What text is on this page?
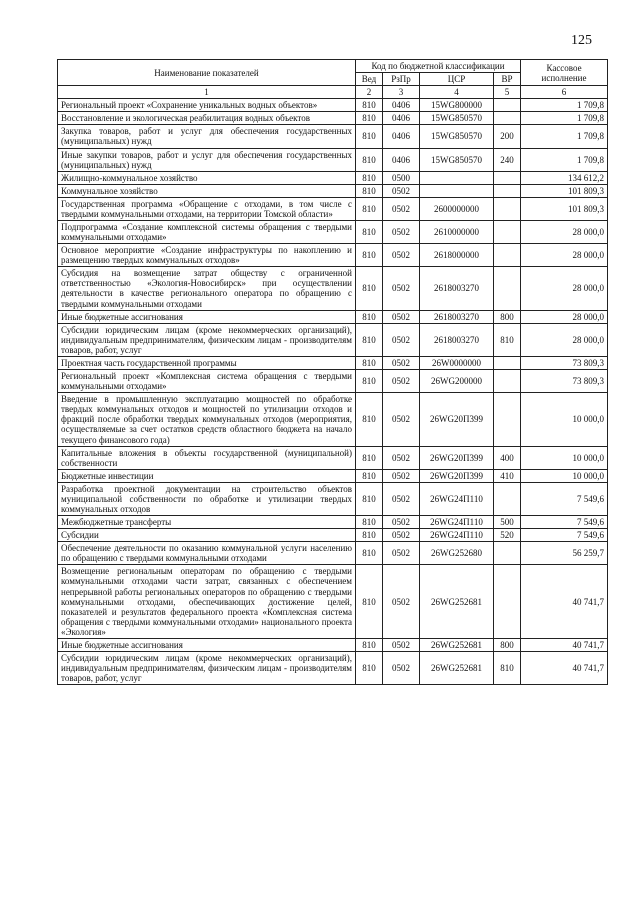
125
Наименование показателей	Код по бюджетной классификации				Кассовое исполнение
	Вед	РзПр	ЦСР	ВР	
1	2	3	4	5	6
Региональный проект «Сохранение уникальных водных объектов»	810	0406	15WG800000		1 709,8
Восстановление и экологическая реабилитация водных объектов	810	0406	15WG850570		1 709,8
Закупка товаров, работ и услуг для обеспечения государственных (муниципальных) нужд	810	0406	15WG850570	200	1 709,8
Иные закупки товаров, работ и услуг для обеспечения государственных (муниципальных) нужд	810	0406	15WG850570	240	1 709,8
Жилищно-коммунальное хозяйство	810	0500			134 612,2
Коммунальное хозяйство	810	0502			101 809,3
Государственная программа «Обращение с отходами, в том числе с твердыми коммунальными отходами, на территории Томской области»	810	0502	2600000000		101 809,3
Подпрограмма «Создание комплексной системы обращения с твердыми коммунальными отходами»	810	0502	2610000000		28 000,0
Основное мероприятие «Создание инфраструктуры по накоплению и размещению твердых коммунальных отходов»	810	0502	2618000000		28 000,0
Субсидия на возмещение затрат обществу с ограниченной ответственностью «Экология-Новосибирск» при осуществлении деятельности в качестве регионального оператора по обращению с твердыми коммунальными отходами	810	0502	2618003270		28 000,0
Иные бюджетные ассигнования	810	0502	2618003270	800	28 000,0
Субсидии юридическим лицам (кроме некоммерческих организаций), индивидуальным предпринимателям, физическим лицам - производителям товаров, работ, услуг	810	0502	2618003270	810	28 000,0
Проектная часть государственной программы	810	0502	26W0000000		73 809,3
Региональный проект «Комплексная система обращения с твердыми коммунальными отходами»	810	0502	26WG200000		73 809,3
Введение в промышленную эксплуатацию мощностей по обработке твердых коммунальных отходов и мощностей по утилизации отходов и фракций после обработки твердых коммунальных отходов (мероприятия, осуществляемые за счет остатков средств областного бюджета на начало текущего финансового года)	810	0502	26WG20П399		10 000,0
Капитальные вложения в объекты государственной (муниципальной) собственности	810	0502	26WG20П399	400	10 000,0
Бюджетные инвестиции	810	0502	26WG20П399	410	10 000,0
Разработка проектной документации на строительство объектов муниципальной собственности по обработке и утилизации твердых коммунальных отходов	810	0502	26WG24П110		7 549,6
Межбюджетные трансферты	810	0502	26WG24П110	500	7 549,6
Субсидии	810	0502	26WG24П110	520	7 549,6
Обеспечение деятельности по оказанию коммунальной услуги населению по обращению с твердыми коммунальными отходами	810	0502	26WG252680		56 259,7
Возмещение региональным операторам по обращению с твердыми коммунальными отходами части затрат, связанных с обеспечением непрерывной работы региональных операторов по обращению с твердыми коммунальными отходами, обеспечивающих достижение целей, показателей и результатов федерального проекта «Комплексная система обращения с твердыми коммунальными отходами» национального проекта «Экология»	810	0502	26WG252681		40 741,7
Иные бюджетные ассигнования	810	0502	26WG252681	800	40 741,7
Субсидии юридическим лицам (кроме некоммерческих организаций), индивидуальным предпринимателям, физическим лицам - производителям товаров, работ, услуг	810	0502	26WG252681	810	40 741,7
